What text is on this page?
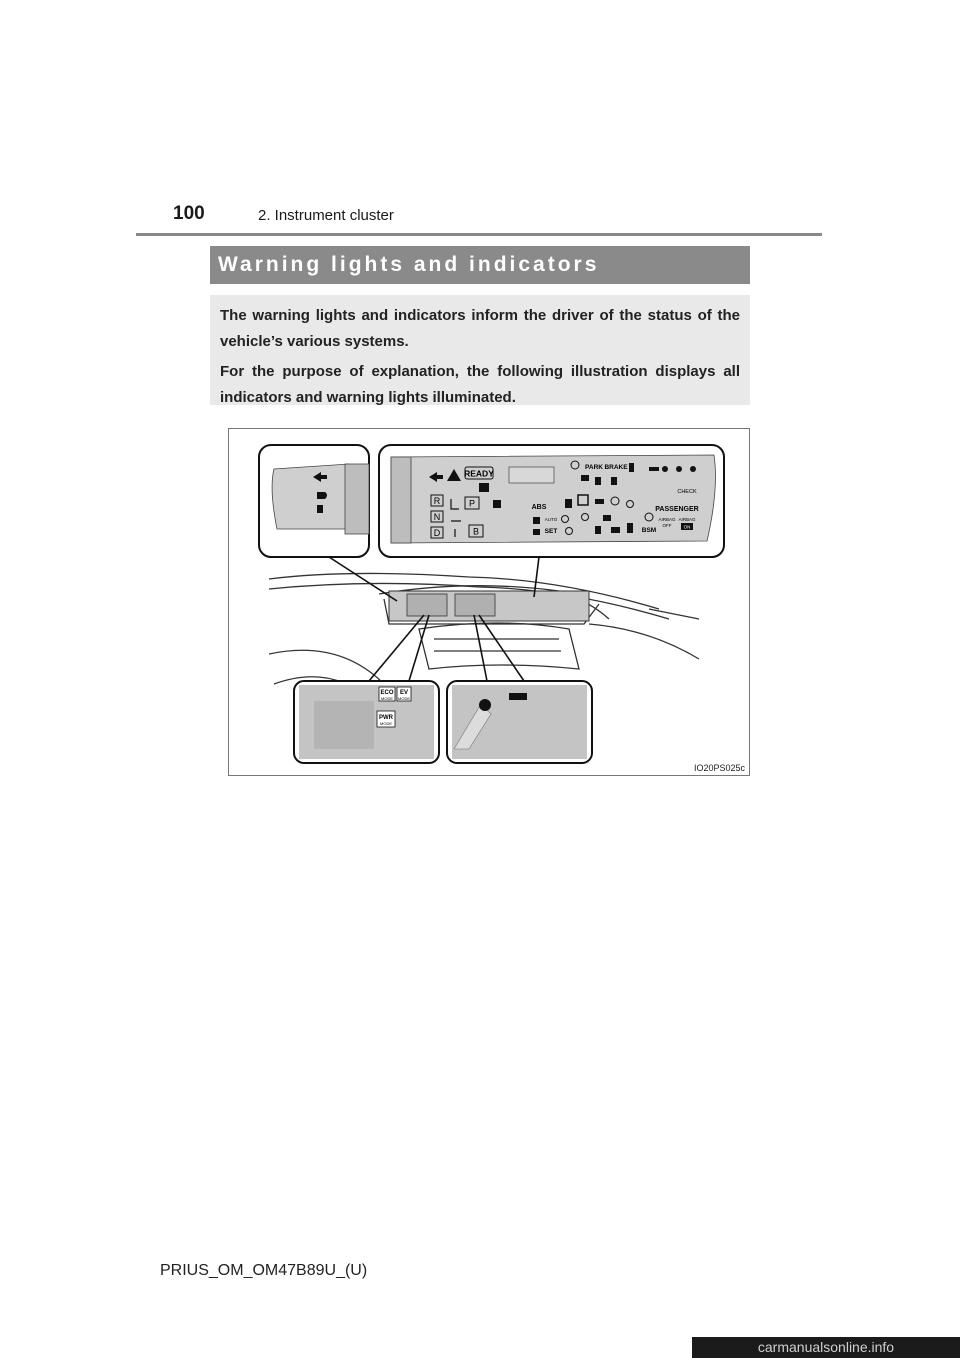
100	2. Instrument cluster
Warning lights and indicators

The warning lights and indicators inform the driver of the status of the vehicle’s various systems.

For the purpose of explanation, the following illustration displays all indicators and warning lights illuminated.

READY
R
N
D
P
B
ABS
PARK BRAKE
CHECK
PASSENGER
AIRBAG
OFF
AIRBAG
ON
BSM
SET
AUTO
ECO
MODE
EV
MODE
PWR
MODE
IO20PS025c
PRIUS_OM_OM47B89U_(U)
carmanualsonline.info
